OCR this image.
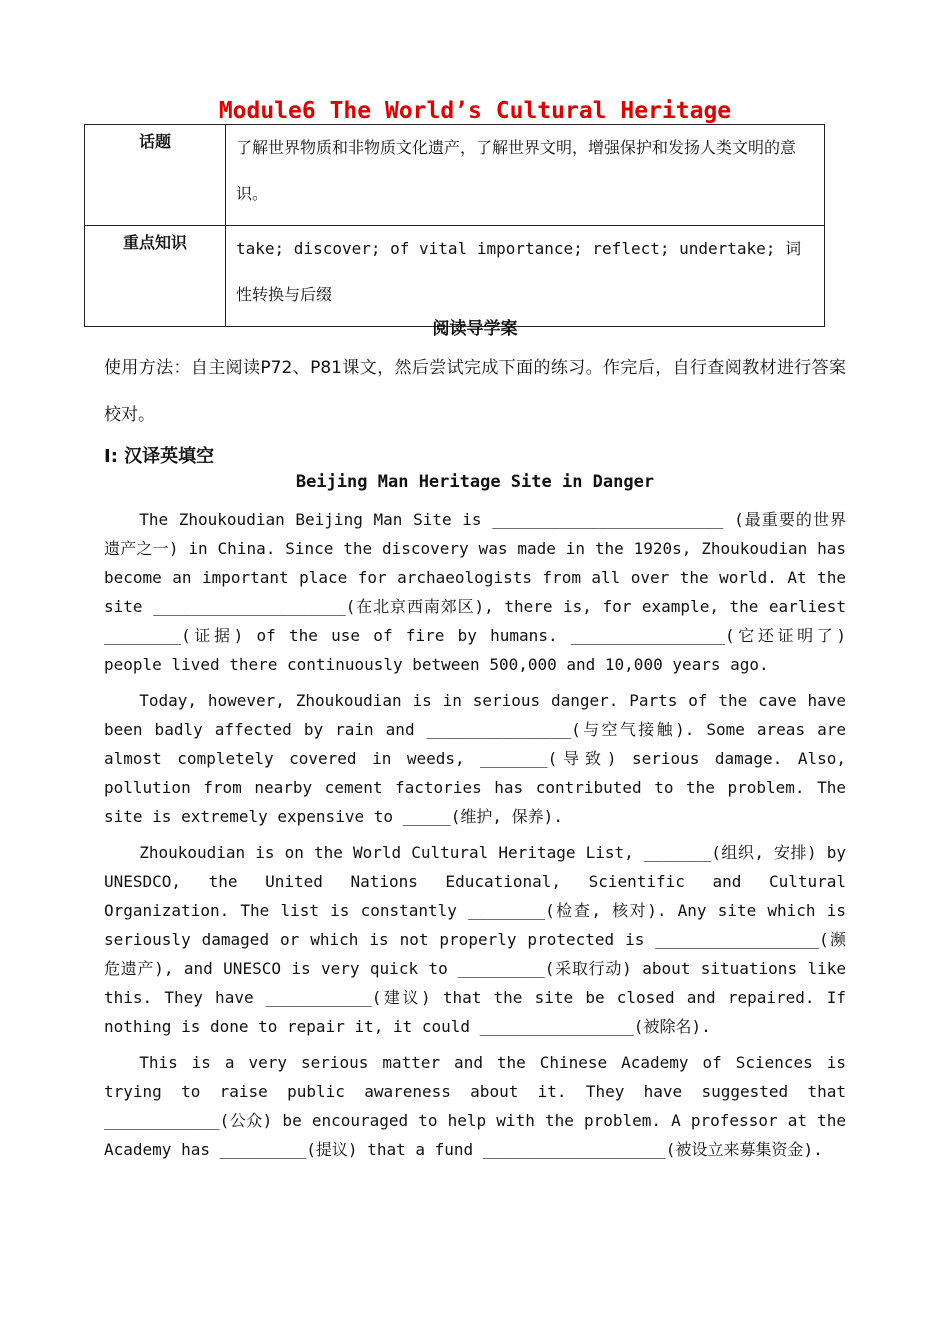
Module6 The World’s Cultural Heritage
话题	了解世界物质和非物质文化遗产，了解世界文明，增强保护和发扬人类文明的意识。
重点知识	take; discover; of vital importance; reflect; undertake; 词性转换与后缀
阅读导学案
使用方法：自主阅读P72、P81课文，然后尝试完成下面的练习。作完后，自行查阅教材进行答案校对。
Ⅰ: 汉译英填空
Beijing Man Heritage Site in Danger

The Zhoukoudian Beijing Man Site is ________________________ (最重要的世界遗产之一) in China. Since the discovery was made in the 1920s, Zhoukoudian has become an important place for archaeologists from all over the world. At the site ____________________(在北京西南郊区), there is, for example, the earliest ________(证据) of the use of fire by humans. ________________(它还证明了) people lived there continuously between 500,000 and 10,000 years ago.

Today, however, Zhoukoudian is in serious danger. Parts of the cave have been badly affected by rain and _______________(与空气接触). Some areas are almost completely covered in weeds, _______(导致) serious damage. Also, pollution from nearby cement factories has contributed to the problem. The site is extremely expensive to _____(维护, 保养).

Zhoukoudian is on the World Cultural Heritage List, _______(组织, 安排) by UNESDCO, the United Nations Educational, Scientific and Cultural Organization. The list is constantly ________(检查, 核对). Any site which is seriously damaged or which is not properly protected is _________________(濒危遗产), and UNESCO is very quick to _________(采取行动) about situations like this. They have ___________(建议) that the site be closed and repaired. If nothing is done to repair it, it could ________________(被除名).

This is a very serious matter and the Chinese Academy of Sciences is trying to raise public awareness about it. They have suggested that ____________(公众) be encouraged to help with the problem. A professor at the Academy has _________(提议) that a fund ___________________(被设立来募集资金).
